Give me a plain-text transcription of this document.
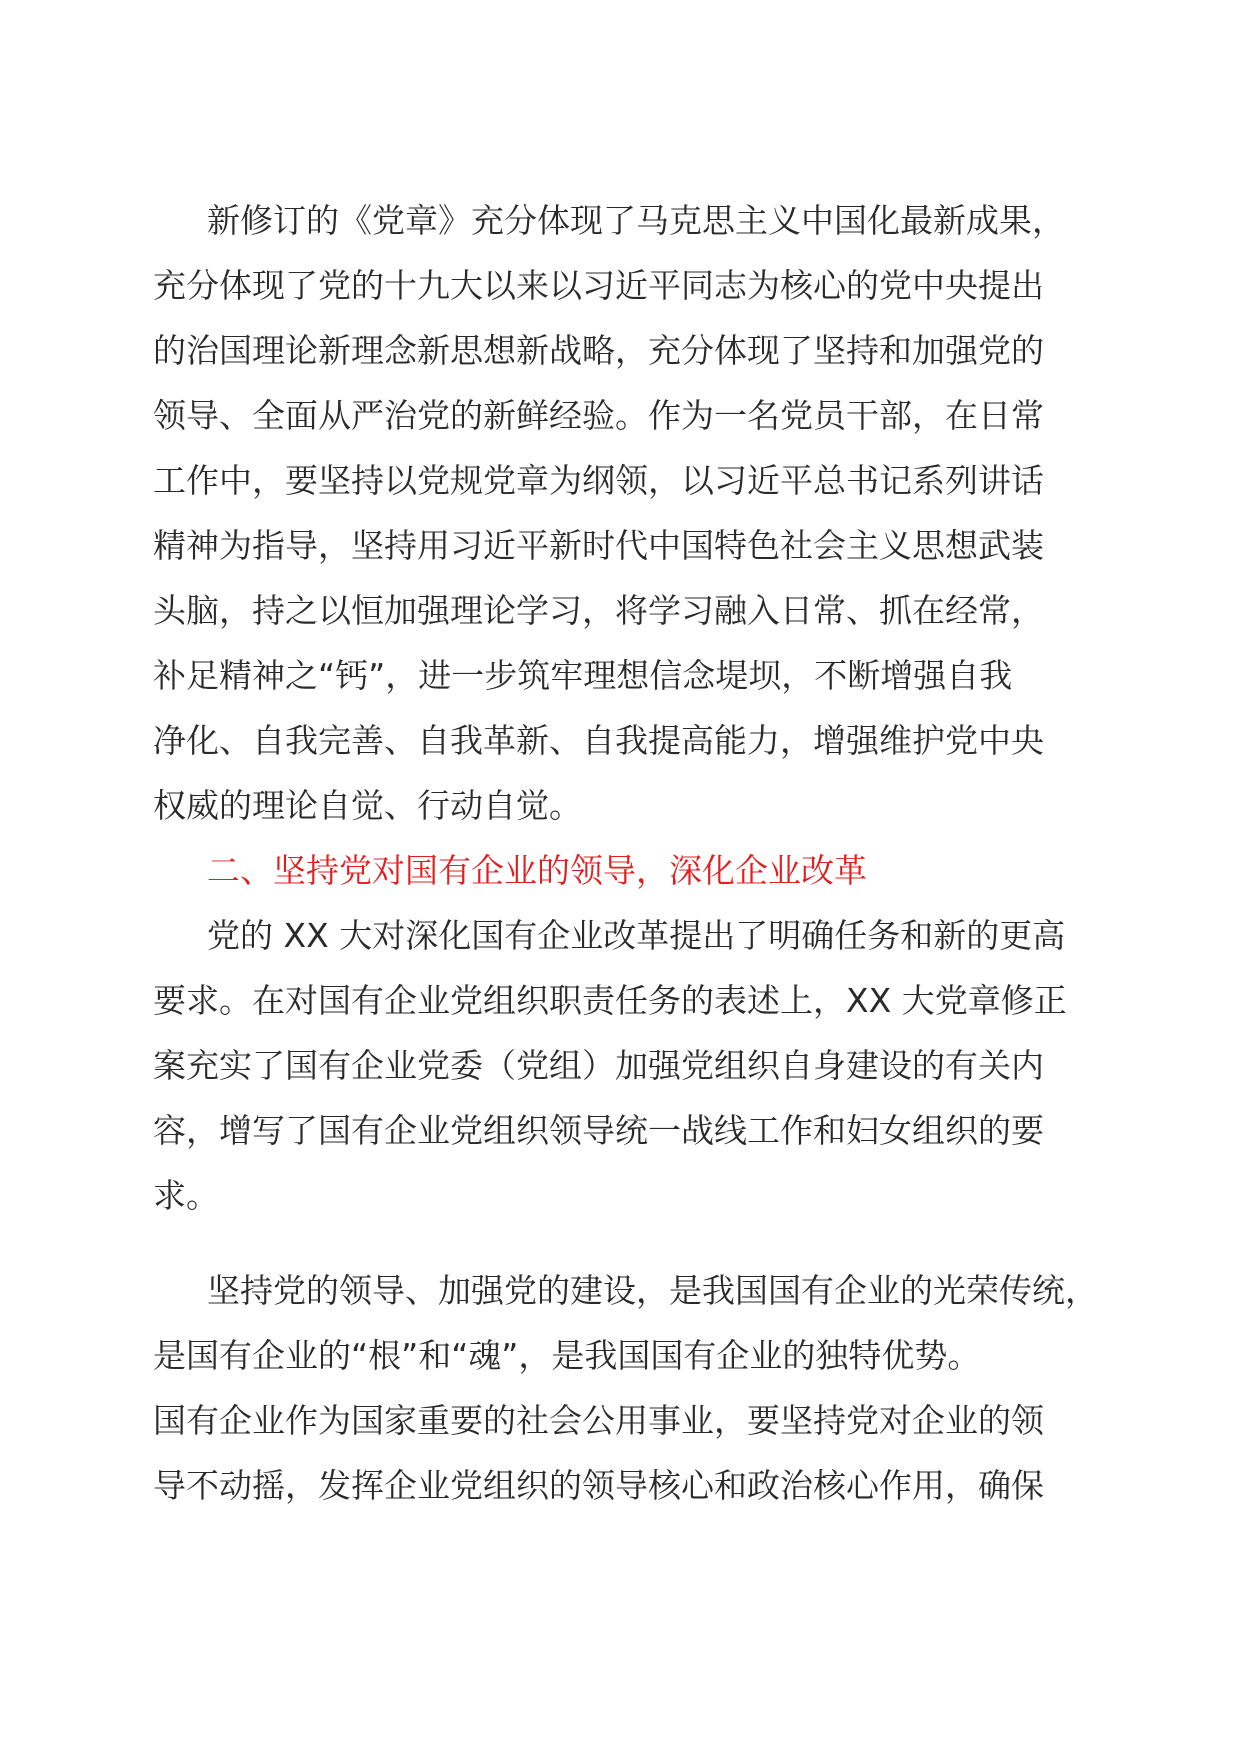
新修订的《党章》充分体现了马克思主义中国化最新成果，
充分体现了党的十九大以来以习近平同志为核心的党中央提出
的治国理论新理念新思想新战略，充分体现了坚持和加强党的
领导、全面从严治党的新鲜经验。作为一名党员干部，在日常
工作中，要坚持以党规党章为纲领，以习近平总书记系列讲话
精神为指导，坚持用习近平新时代中国特色社会主义思想武装
头脑，持之以恒加强理论学习，将学习融入日常、抓在经常，
补足精神之“钙”，进一步筑牢理想信念堤坝，不断增强自我
净化、自我完善、自我革新、自我提高能力，增强维护党中央
权威的理论自觉、行动自觉。
二、坚持党对国有企业的领导，深化企业改革
党的 XX 大对深化国有企业改革提出了明确任务和新的更高
要求。在对国有企业党组织职责任务的表述上，XX 大党章修正
案充实了国有企业党委（党组）加强党组织自身建设的有关内
容，增写了国有企业党组织领导统一战线工作和妇女组织的要
求。
坚持党的领导、加强党的建设，是我国国有企业的光荣传统，
是国有企业的“根”和“魂”，是我国国有企业的独特优势。
国有企业作为国家重要的社会公用事业，要坚持党对企业的领
导不动摇，发挥企业党组织的领导核心和政治核心作用，确保
